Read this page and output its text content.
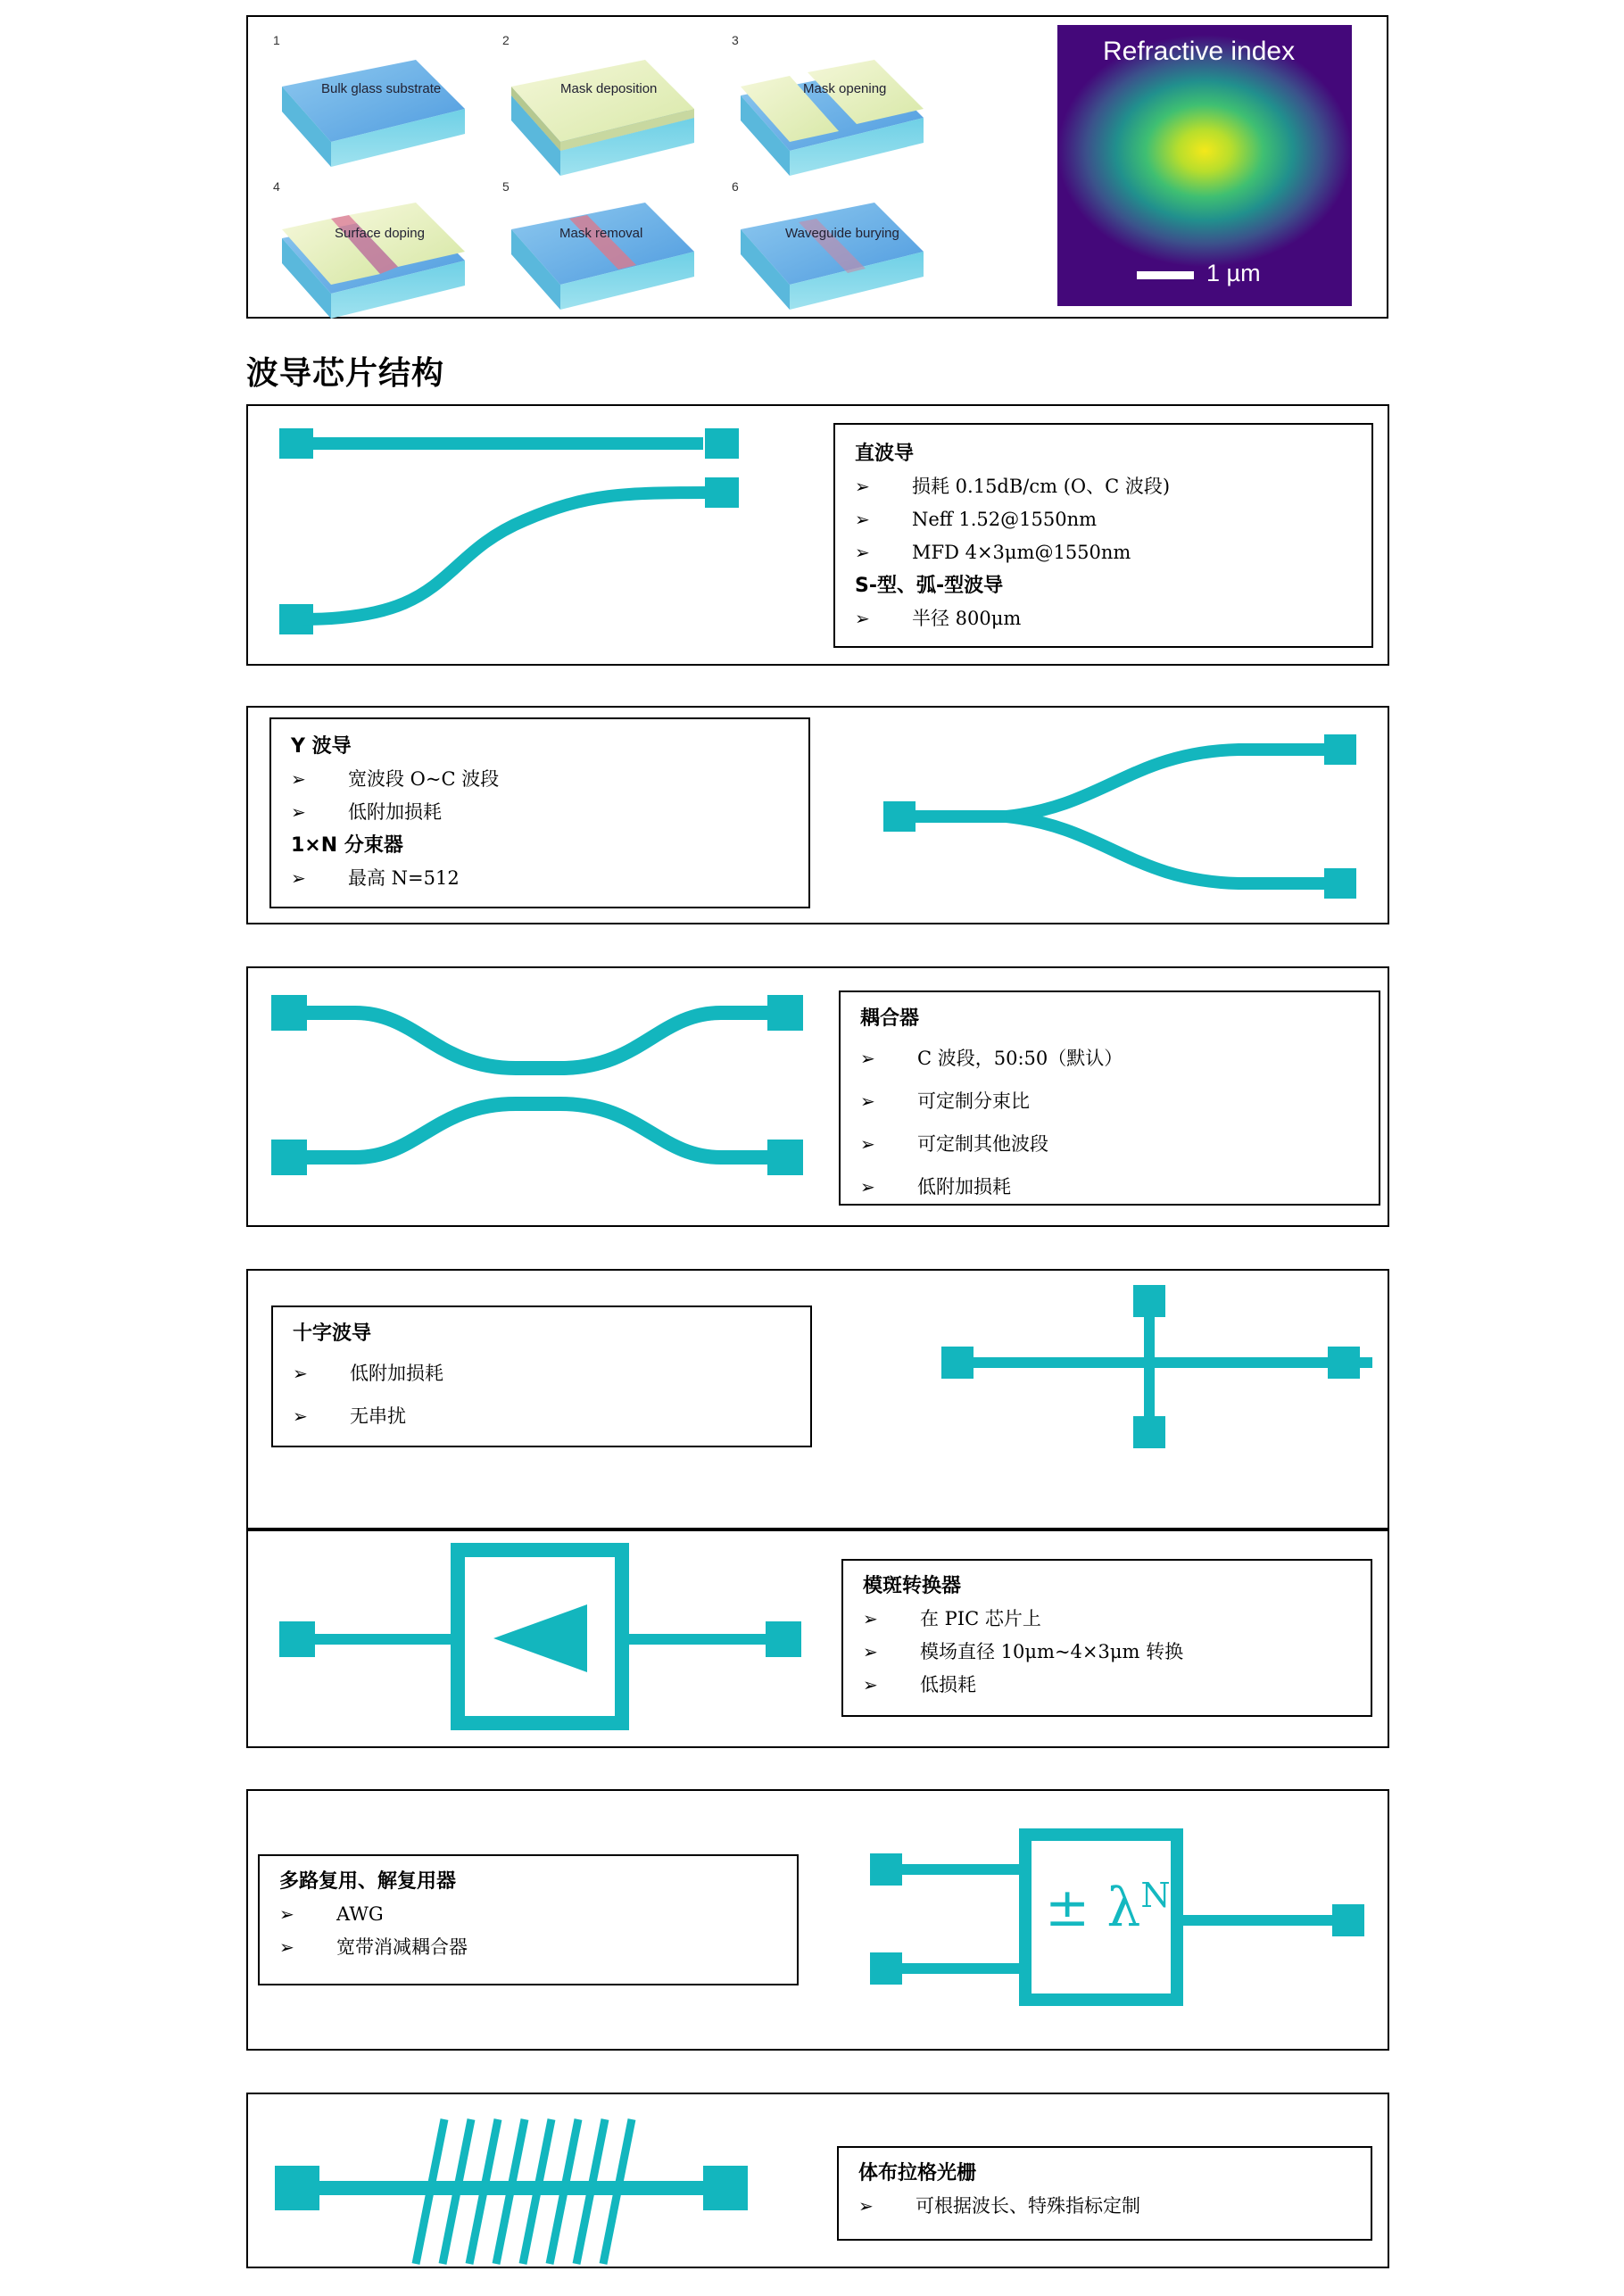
1	2	3
4	5	6
Bulk glass substrate	Mask deposition	Mask opening
Surface doping	Mask removal	Waveguide burying
Refractive index
1 µm
波导芯片结构
直波导
➢ 损耗 0.15dB/cm (O、C 波段)
➢ Neff 1.52@1550nm
➢ MFD 4×3μm@1550nm
S-型、弧-型波导
➢ 半径 800μm
Y 波导
➢ 宽波段 O~C 波段
➢ 低附加损耗
1×N 分束器
➢ 最高 N=512
耦合器
➢ C 波段，50:50（默认）
➢ 可定制分束比
➢ 可定制其他波段
➢ 低附加损耗
十字波导
➢ 低附加损耗
➢ 无串扰
模斑转换器
➢ 在 PIC 芯片上
➢ 模场直径 10μm~4×3μm 转换
➢ 低损耗
多路复用、解复用器
➢ AWG
➢ 宽带消减耦合器
± $\lambda^N$
体布拉格光栅
➢ 可根据波长、特殊指标定制
